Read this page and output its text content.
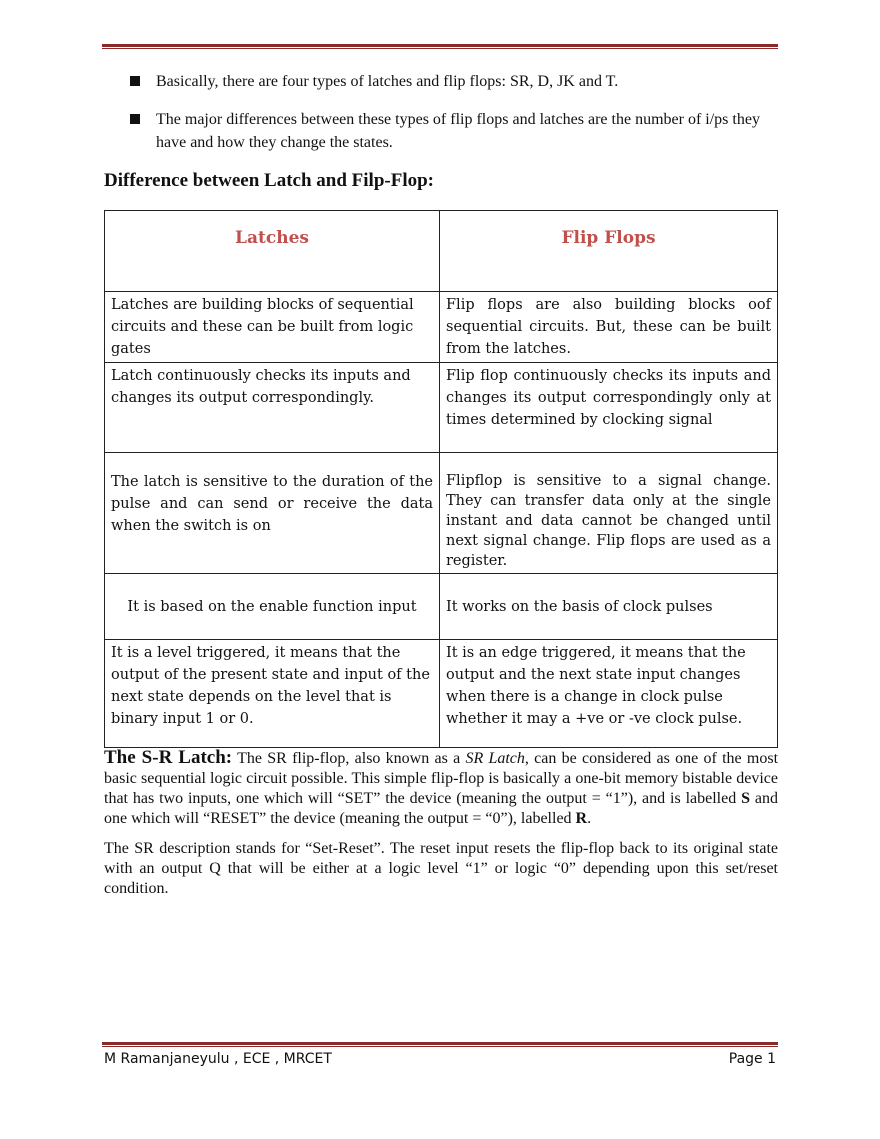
Basically, there are four types of latches and flip flops: SR, D, JK and T.
The major differences between these types of flip flops and latches are the number of i/ps they have and how they change the states.
Difference between Latch and Filp-Flop:
Latches	Flip Flops
Latches are building blocks of sequential circuits and these can be built from logic gates	Flip flops are also building blocks oof sequential circuits. But, these can be built from the latches.
Latch continuously checks its inputs and changes its output correspondingly.	Flip flop continuously checks its inputs and changes its output correspondingly only at times determined by clocking signal
The latch is sensitive to the duration of the pulse and can send or receive the data when the switch is on	Flipflop is sensitive to a signal change. They can transfer data only at the single instant and data cannot be changed until next signal change. Flip flops are used as a register.
It is based on the enable function input	It works on the basis of clock pulses
It is a level triggered, it means that the output of the present state and input of the next state depends on the level that is binary input 1 or 0.	It is an edge triggered, it means that the output and the next state input changes when there is a change in clock pulse whether it may a +ve or -ve clock pulse.

The S-R Latch: The SR flip-flop, also known as a SR Latch, can be considered as one of the most basic sequential logic circuit possible. This simple flip-flop is basically a one-bit memory bistable device that has two inputs, one which will “SET” the device (meaning the output = “1”), and is labelled S and one which will “RESET” the device (meaning the output = “0”), labelled R.

The SR description stands for “Set-Reset”. The reset input resets the flip-flop back to its original state with an output Q that will be either at a logic level “1” or logic “0” depending upon this set/reset condition.

M Ramanjaneyulu , ECE , MRCET	Page 1
